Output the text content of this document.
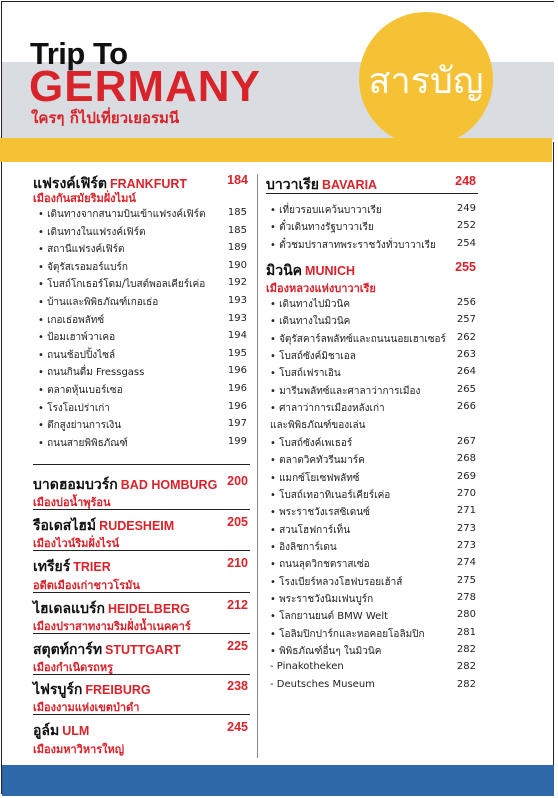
Trip To
GERMANY
ใครๆ ก็ไปเที่ยวเยอรมนี
สารบัญ
แฟรงค์เฟิร์ต FRANKFURT	184
เมืองกันสมัยริมฝั่งไมน์
• เดินทางจากสนามบินเข้าแฟรงค์เฟิร์ต 185
• เดินทางในแฟรงค์เฟิร์ต	185
• สถานีแฟรงค์เฟิร์ต	189
• จัตุรัสเรอมอร์แบร์ก	190
• โบสถ์โกเธอร์โดม/ไบสต์พอลเคียร์เค่อ 192
• บ้านและพิพิธภัณฑ์เกอเธ่อ	193
• เกอเธ่อพลัทซ์	193
• ป้อมเฮาพ์วาเคอ	194
• ถนนช้อปปิ้งไซล์	195
• ถนนกินดื่ม Fressgass	196
• ตลาดหุ้นเบอร์เซอ	196
• โรงโอเปร่าเก่า	196
• ตึกสูงย่านการเงิน	197
• ถนนสายพิพิธภัณฑ์	199
บาดฮอมบวร์ก BAD HOMBURG 200
เมืองบ่อน้ำพุร้อน
รือเดสไฮม์ RUDESHEIM	205
เมืองไวน์ริมฝั่งไรน์
เทรียร์ TRIER	210
อดีตเมืองเก่าชาวโรมัน
ไฮเดลแบร์ก HEIDELBERG	212
เมืองปราสาทงามริมฝั่งน้ำเนคคาร์
สตุตท์การ์ท STUTTGART	225
เมืองกำเนิดรถหรู
ไฟรบูร์ก FREIBURG	238
เมืองงามแห่งเขตป่าดำ
อูล์ม ULM	245
เมืองมหาวิหารใหญ่
บาวาเรีย BAVARIA	248
• เที่ยวรอบแคว้นบาวาเรีย	249
• ตั๋วเดินทางรัฐบาวาเรีย	252
• ตั๋วชมปราสาทพระราชวังทั่วบาวาเรีย 254
มิวนิค MUNICH	255
เมืองหลวงแห่งบาวาเรีย
• เดินทางไปมิวนิค	256
• เดินทางในมิวนิค	257
• จัตุรัสคาร์ลพลัทซ์และถนนนอยเฮาเซอร์ 262
• โบสถ์ซังค์มิชาเอล	263
• โบสถ์เฟราเอิน	264
• มารีนพลัทซ์และศาลาว่าการเมือง	265
• ศาลาว่าการเมืองหลังเก่า	266
และพิพิธภัณฑ์ของเล่น
• โบสถ์ซังค์เพเธอร์	267
• ตลาดวิคทัวรีนมาร์ค	268
• แมกซ์โยเซฟพลัทซ์	269
• โบสถ์เทอาทิเนอร์เคียร์เค่อ	270
• พระราชวังเรสซิเดนซ์	271
• สวนโฮฟการ์เท็น	273
• อิงลิชการ์เดน	273
• ถนนลุดวิกชตราสเซ่อ	274
• โรงเบียร์หลวงโฮฟบรอยเฮ้าส์	275
• พระราชวังนิมเฟนบูร์ก	278
• โลกยานยนต์ BMW Welt	280
• โอลิมปิกปาร์กและหอคอยโอลิมปิก	281
• พิพิธภัณฑ์อื่นๆ ในมิวนิค	282
- Pinakotheken	282
- Deutsches Museum	282
